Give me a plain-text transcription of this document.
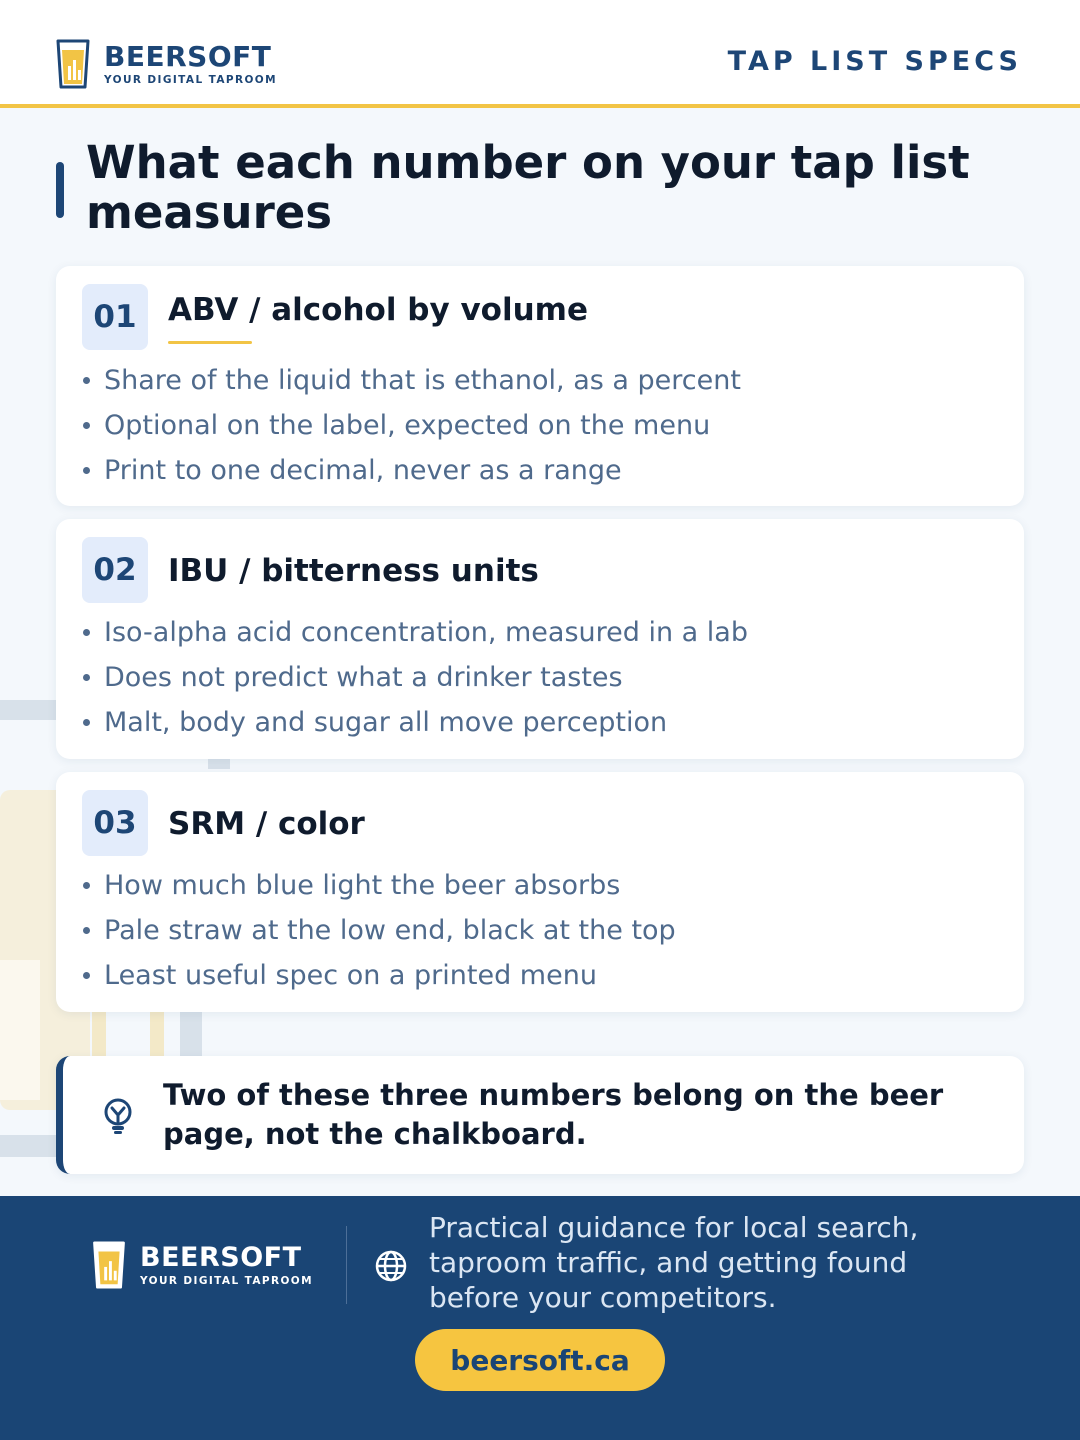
BEERSOFT
YOUR DIGITAL TAPROOM
TAP LIST SPECS
What each number on your tap list measures
01	ABV / alcohol by volume
Share of the liquid that is ethanol, as a percent
Optional on the label, expected on the menu
Print to one decimal, never as a range
02	IBU / bitterness units
Iso-alpha acid concentration, measured in a lab
Does not predict what a drinker tastes
Malt, body and sugar all move perception
03	SRM / color
How much blue light the beer absorbs
Pale straw at the low end, black at the top
Least useful spec on a printed menu

Two of these three numbers belong on the beer page, not the chalkboard.

BEERSOFT
YOUR DIGITAL TAPROOM

Practical guidance for local search, taproom traffic, and getting found before your competitors.

beersoft.ca
